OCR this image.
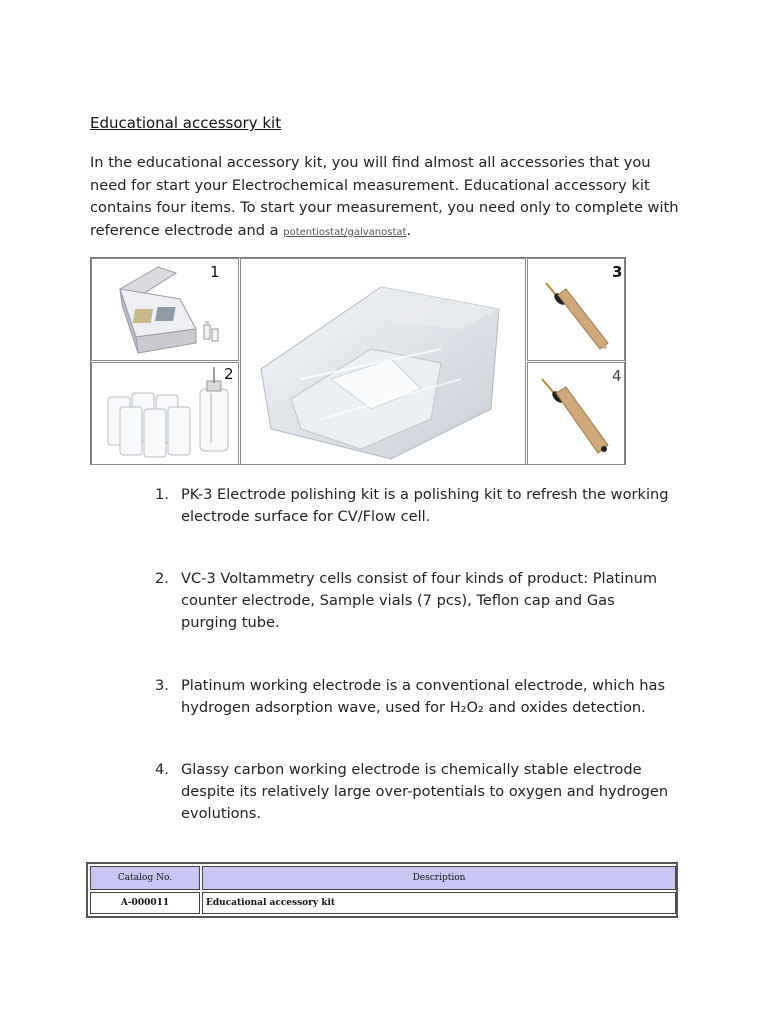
Educational accessory kit
In the educational accessory kit, you will find almost all accessories that you need for start your Electrochemical measurement. Educational accessory kit contains four items. To start your measurement, you need only to complete with reference electrode and a potentiostat/galvanostat.
1
2
3
4
1. PK-3 Electrode polishing kit is a polishing kit to refresh the working electrode surface for CV/Flow cell.
2. VC-3 Voltammetry cells consist of four kinds of product: Platinum counter electrode, Sample vials (7 pcs), Teflon cap and Gas purging tube.
3. Platinum working electrode is a conventional electrode, which has hydrogen adsorption wave, used for H₂O₂ and oxides detection.
4. Glassy carbon working electrode is chemically stable electrode despite its relatively large over-potentials to oxygen and hydrogen evolutions.
Catalog No.	Description
A-000011	Educational accessory kit
